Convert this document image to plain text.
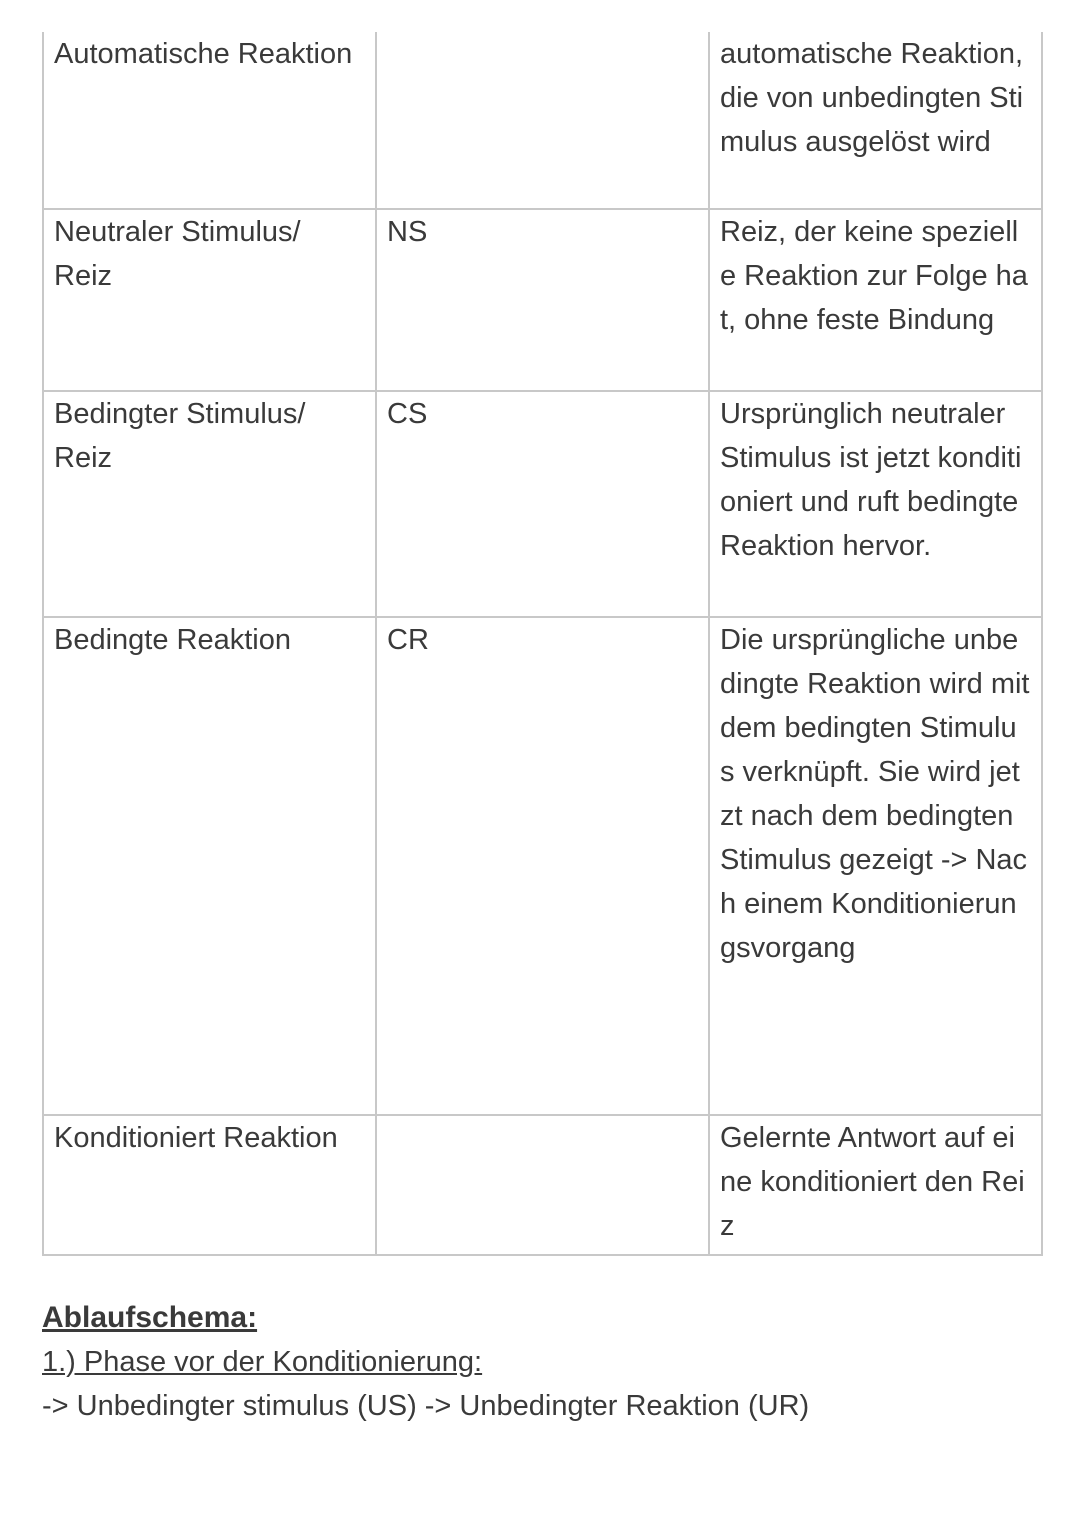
Automatische Reaktion		automatische Reaktion, die von unbedingten Stimulus ausgelöst wird

Neutraler Stimulus/ Reiz	NS	Reiz, der keine spezielle Reaktion zur Folge hat, ohne feste Bindung

Bedingter Stimulus/ Reiz	CS	Ursprünglich neutraler Stimulus ist jetzt konditioniert und ruft bedingte Reaktion hervor.

Bedingte Reaktion	CR	Die ursprüngliche unbedingte Reaktion wird mit dem bedingten Stimulus verknüpft. Sie wird jetzt nach dem bedingten Stimulus gezeigt -> Nach einem Konditionierungsvorgang

Konditioniert Reaktion		Gelernte Antwort auf eine konditioniert den Reiz
Ablaufschema:
1.) Phase vor der Konditionierung:
-> Unbedingter stimulus (US) -> Unbedingter Reaktion (UR)
